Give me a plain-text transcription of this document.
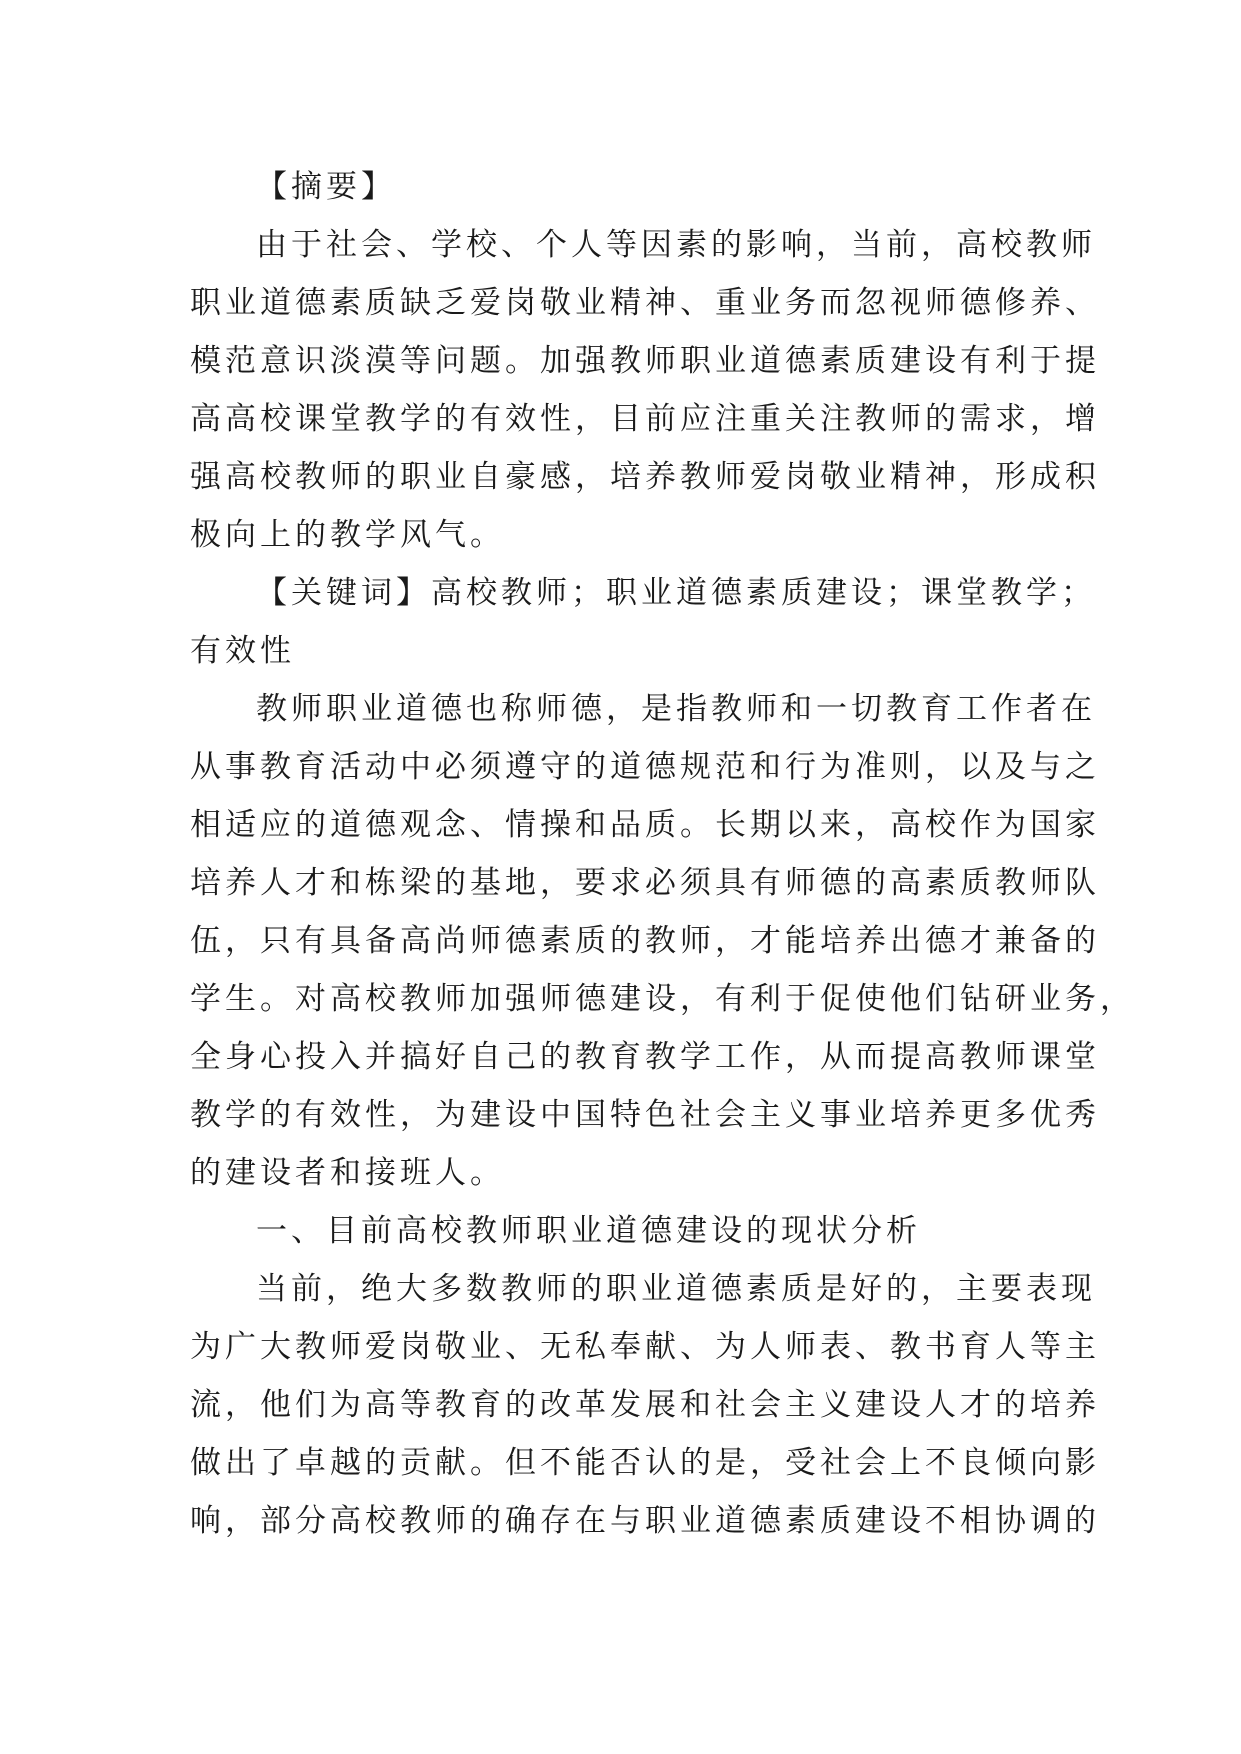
【摘要】
由于社会、学校、个人等因素的影响，当前，高校教师
职业道德素质缺乏爱岗敬业精神、重业务而忽视师德修养、
模范意识淡漠等问题。加强教师职业道德素质建设有利于提
高高校课堂教学的有效性，目前应注重关注教师的需求，增
强高校教师的职业自豪感，培养教师爱岗敬业精神，形成积
极向上的教学风气。
【关键词】高校教师；职业道德素质建设；课堂教学；
有效性
教师职业道德也称师德，是指教师和一切教育工作者在
从事教育活动中必须遵守的道德规范和行为准则，以及与之
相适应的道德观念、情操和品质。长期以来，高校作为国家
培养人才和栋梁的基地，要求必须具有师德的高素质教师队
伍，只有具备高尚师德素质的教师，才能培养出德才兼备的
学生。对高校教师加强师德建设，有利于促使他们钻研业务，
全身心投入并搞好自己的教育教学工作，从而提高教师课堂
教学的有效性，为建设中国特色社会主义事业培养更多优秀
的建设者和接班人。
一、目前高校教师职业道德建设的现状分析
当前，绝大多数教师的职业道德素质是好的，主要表现
为广大教师爱岗敬业、无私奉献、为人师表、教书育人等主
流，他们为高等教育的改革发展和社会主义建设人才的培养
做出了卓越的贡献。但不能否认的是，受社会上不良倾向影
响，部分高校教师的确存在与职业道德素质建设不相协调的
